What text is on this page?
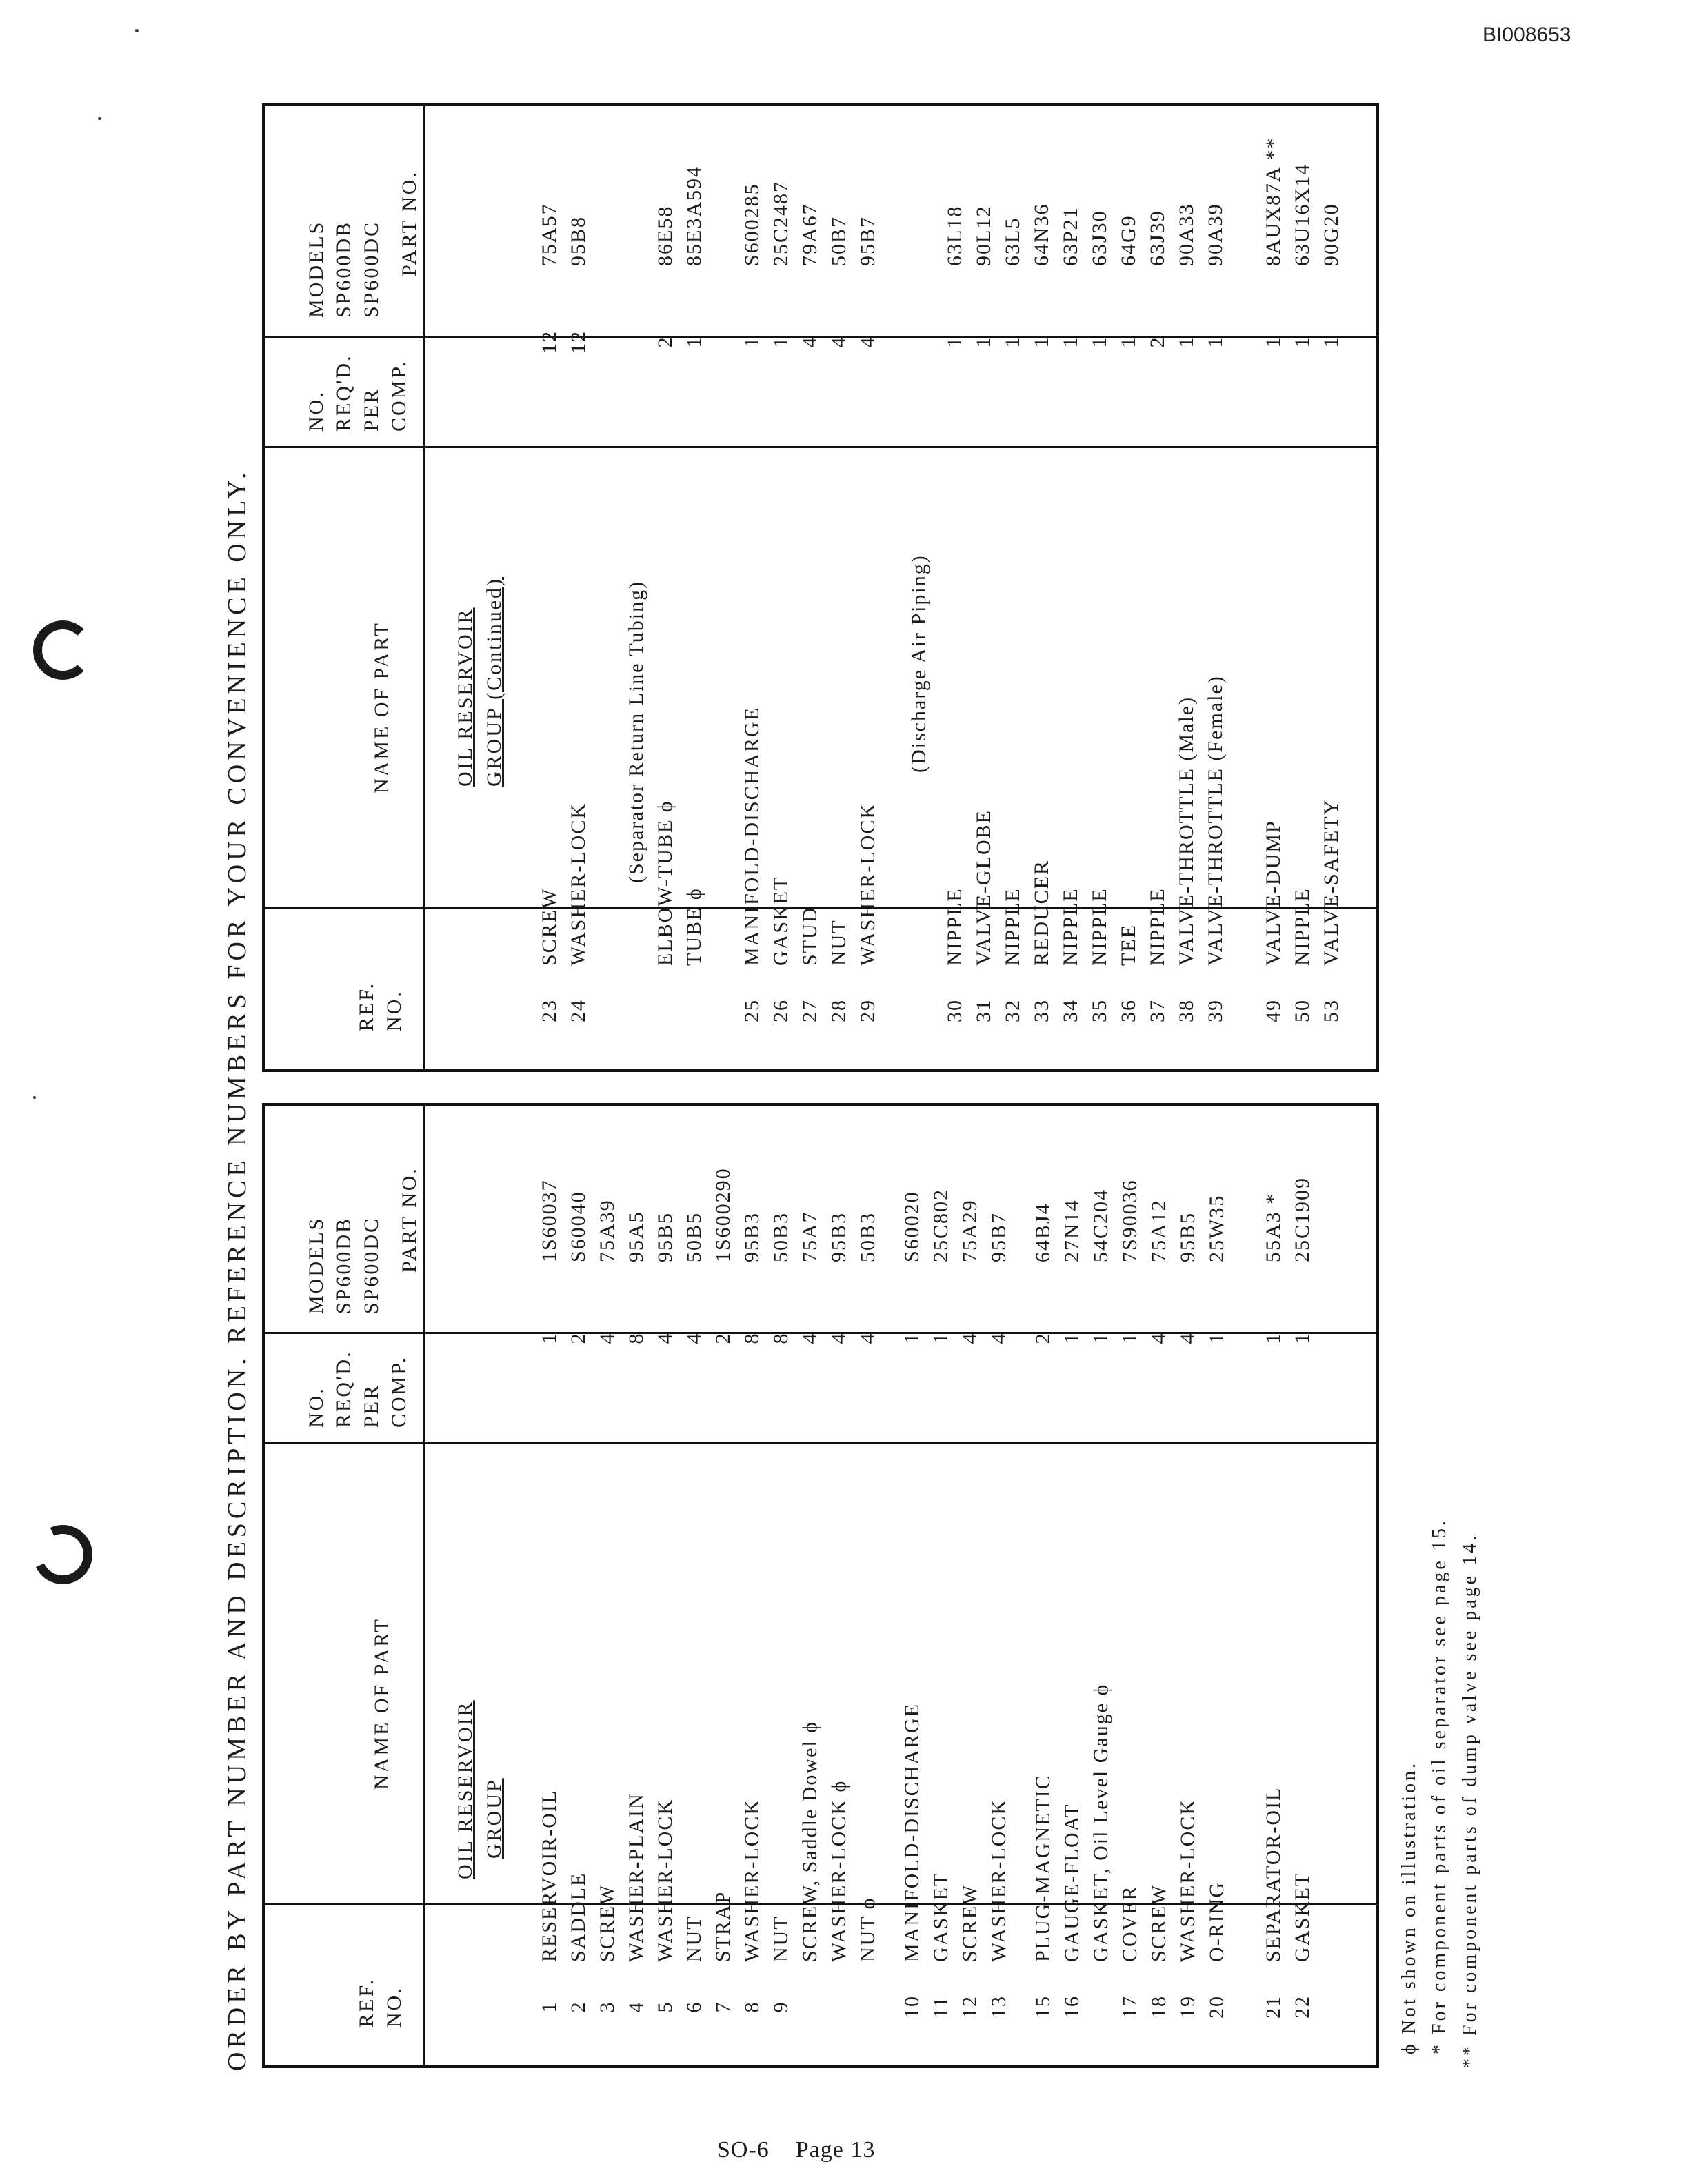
BI008653
ORDER BY PART NUMBER AND DESCRIPTION. REFERENCE NUMBERS FOR YOUR CONVENIENCE ONLY.	REF. NO.
NAME OF PART
NO. REQ'D. PER COMP.
MODELS SP600DB SP600DC PART NO.
OIL RESERVOIR GROUP
1
RESERVOIR-OIL
1
1S60037
2
SADDLE
2
S60040
3
SCREW
4
75A39
4
WASHER-PLAIN
8
95A5
5
WASHER-LOCK
4
95B5
6
NUT
4
50B5
7
STRAP
2
1S600290
8
WASHER-LOCK
8
95B3
9
NUT
8
50B3
SCREW, Saddle Dowel ϕ
4
75A7
WASHER-LOCK ϕ
4
95B3
NUT ϕ
4
50B3
10
MANIFOLD-DISCHARGE
1
S60020
11
GASKET
1
25C802
12
SCREW
4
75A29
13
WASHER-LOCK
4
95B7
15
PLUG-MAGNETIC
2
64BJ4
16
GAUGE-FLOAT
1
27N14
GASKET, Oil Level Gauge ϕ
1
54C204
17
COVER
1
7S90036
18
SCREW
4
75A12
19
WASHER-LOCK
4
95B5
20
O-RING
1
25W35
21
SEPARATOR-OIL
1
55A3 *
22
GASKET
1
25C1909
REF. NO.
NAME OF PART
NO. REQ'D. PER COMP.
MODELS SP600DB SP600DC PART NO.
OIL RESERVOIR GROUP (Continued)
23
SCREW
12
75A57
24
WASHER-LOCK
12
95B8
(Separator Return Line Tubing) ELBOW-TUBE ϕ
2
86E58
TUBE ϕ
1
85E3A594
25
MANIFOLD-DISCHARGE
1
S600285
26
GASKET
1
25C2487
27
STUD
4
79A67
28
NUT
4
50B7
29
WASHER-LOCK
4
95B7
(Discharge Air Piping)
30
NIPPLE
1
63L18
31
VALVE-GLOBE
1
90L12
32
NIPPLE
1
63L5
33
REDUCER
1
64N36
34
NIPPLE
1
63P21
35
NIPPLE
1
63J30
36
TEE
1
64G9
37
NIPPLE
2
63J39
38
VALVE-THROTTLE (Male)
1
90A33
39
VALVE-THROTTLE (Female)
1
90A39
49
VALVE-DUMP
1
8AUX87A **
50
NIPPLE
1
63U16X14
53
VALVE-SAFETY
1
90G20
ϕ Not shown on illustration. * For component parts of oil separator see page 15. ** For component parts of dump valve see page 14.
SO-6 Page 13
